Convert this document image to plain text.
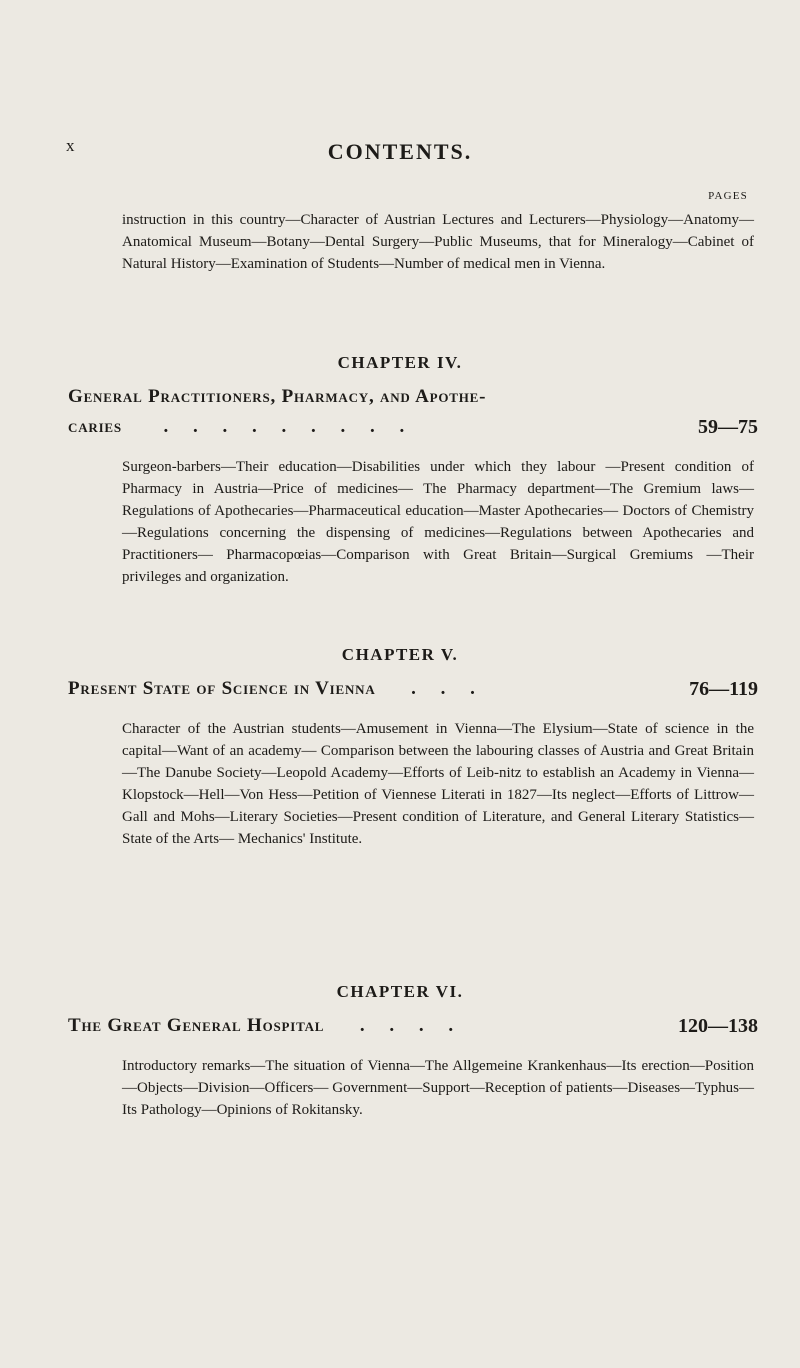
x	CONTENTS.
PAGES

instruction in this country—Character of Austrian Lectures and Lecturers—Physiology—Anatomy—Anatomical Museum—Botany—Dental Surgery—Public Museums, that for Mineralogy—Cabinet of Natural History—Examination of Students—Number of medical men in Vienna.

CHAPTER IV.
General Practitioners, Pharmacy, and Apothe-
caries . . . . . . . . .	59—75

Surgeon-barbers—Their education—Disabilities under which they labour —Present condition of Pharmacy in Austria—Price of medicines— The Pharmacy department—The Gremium laws—Regulations of Apothecaries—Pharmaceutical education—Master Apothecaries— Doctors of Chemistry—Regulations concerning the dispensing of medicines—Regulations between Apothecaries and Practitioners— Pharmacopœias—Comparison with Great Britain—Surgical Gremiums —Their privileges and organization.

CHAPTER V.
Present State of Science in Vienna . . .	76—119

Character of the Austrian students—Amusement in Vienna—The Elysium—State of science in the capital—Want of an academy— Comparison between the labouring classes of Austria and Great Britain—The Danube Society—Leopold Academy—Efforts of Leib-nitz to establish an Academy in Vienna—Klopstock—Hell—Von Hess—Petition of Viennese Literati in 1827—Its neglect—Efforts of Littrow—Gall and Mohs—Literary Societies—Present condition of Literature, and General Literary Statistics—State of the Arts— Mechanics' Institute.

CHAPTER VI.
The Great General Hospital . . . .	120—138

Introductory remarks—The situation of Vienna—The Allgemeine Krankenhaus—Its erection—Position—Objects—Division—Officers— Government—Support—Reception of patients—Diseases—Typhus— Its Pathology—Opinions of Rokitansky.
